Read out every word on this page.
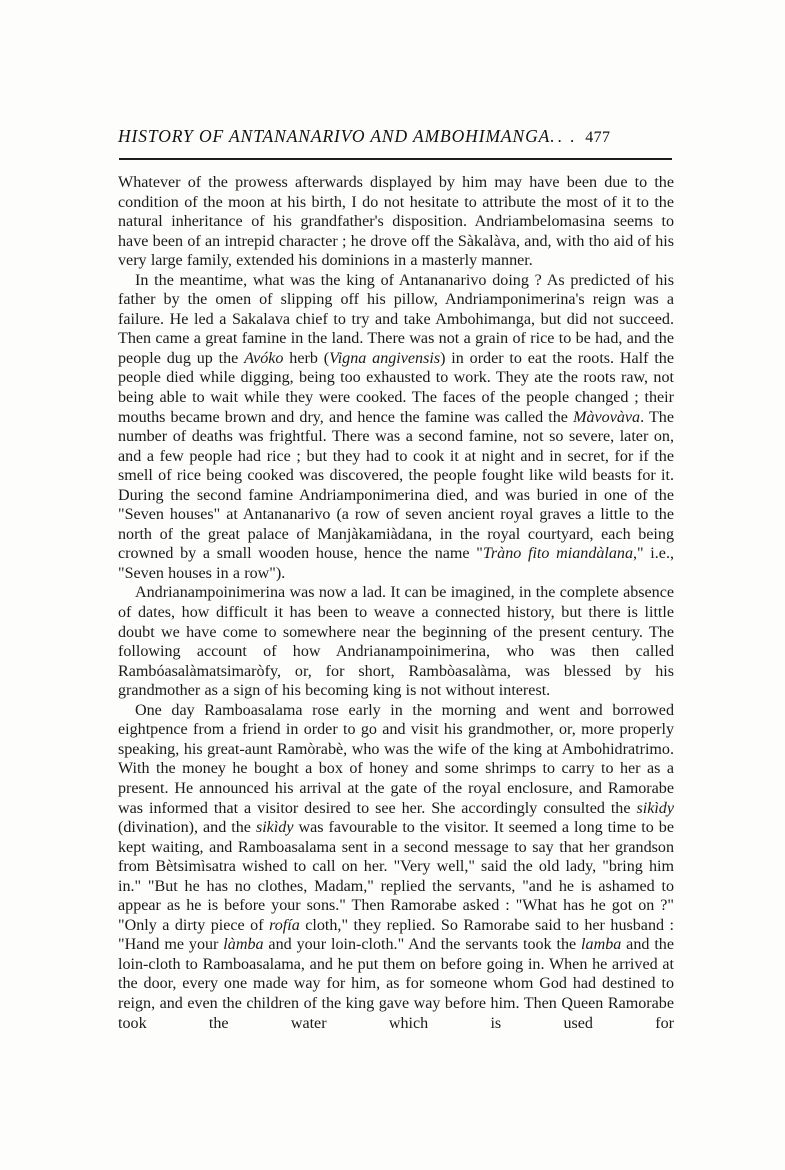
HISTORY OF ANTANANARIVO AND AMBOHIMANGA. . . 477

Whatever of the prowess afterwards displayed by him may have been due to the condition of the moon at his birth, I do not hesitate to attribute the most of it to the natural inheritance of his grandfather's disposition. Andriambelomasina seems to have been of an intrepid character ; he drove off the Sàkalàva, and, with tho aid of his very large family, extended his dominions in a masterly manner.

In the meantime, what was the king of Antananarivo doing ? As predicted of his father by the omen of slipping off his pillow, Andriamponimerina's reign was a failure. He led a Sakalava chief to try and take Ambohimanga, but did not succeed. Then came a great famine in the land. There was not a grain of rice to be had, and the people dug up the Avóko herb (Vigna angivensis) in order to eat the roots. Half the people died while digging, being too exhausted to work. They ate the roots raw, not being able to wait while they were cooked. The faces of the people changed ; their mouths became brown and dry, and hence the famine was called the Màvovàva. The number of deaths was frightful. There was a second famine, not so severe, later on, and a few people had rice ; but they had to cook it at night and in secret, for if the smell of rice being cooked was discovered, the people fought like wild beasts for it. During the second famine Andriamponimerina died, and was buried in one of the "Seven houses" at Antananarivo (a row of seven ancient royal graves a little to the north of the great palace of Manjàkamiàdana, in the royal courtyard, each being crowned by a small wooden house, hence the name "Tràno fito miandàlana," i.e., "Seven houses in a row").

Andrianampoinimerina was now a lad. It can be imagined, in the complete absence of dates, how difficult it has been to weave a connected history, but there is little doubt we have come to somewhere near the beginning of the present century. The following account of how Andrianampoinimerina, who was then called Rambóasalàmatsimaròfy, or, for short, Rambòasalàma, was blessed by his grandmother as a sign of his becoming king is not without interest.

One day Ramboasalama rose early in the morning and went and borrowed eightpence from a friend in order to go and visit his grandmother, or, more properly speaking, his great-aunt Ramòrabè, who was the wife of the king at Ambohidratrimo. With the money he bought a box of honey and some shrimps to carry to her as a present. He announced his arrival at the gate of the royal enclosure, and Ramorabe was informed that a visitor desired to see her. She accordingly consulted the sikìdy (divination), and the sikìdy was favourable to the visitor. It seemed a long time to be kept waiting, and Ramboasalama sent in a second message to say that her grandson from Bètsimìsatra wished to call on her. "Very well," said the old lady, "bring him in." "But he has no clothes, Madam," replied the servants, "and he is ashamed to appear as he is before your sons." Then Ramorabe asked : "What has he got on ?" "Only a dirty piece of rofía cloth," they replied. So Ramorabe said to her husband : "Hand me your làmba and your loin-cloth." And the servants took the lamba and the loin-cloth to Ramboasalama, and he put them on before going in. When he arrived at the door, every one made way for him, as for someone whom God had destined to reign, and even the children of the king gave way before him. Then Queen Ramorabe took the water which is used for
